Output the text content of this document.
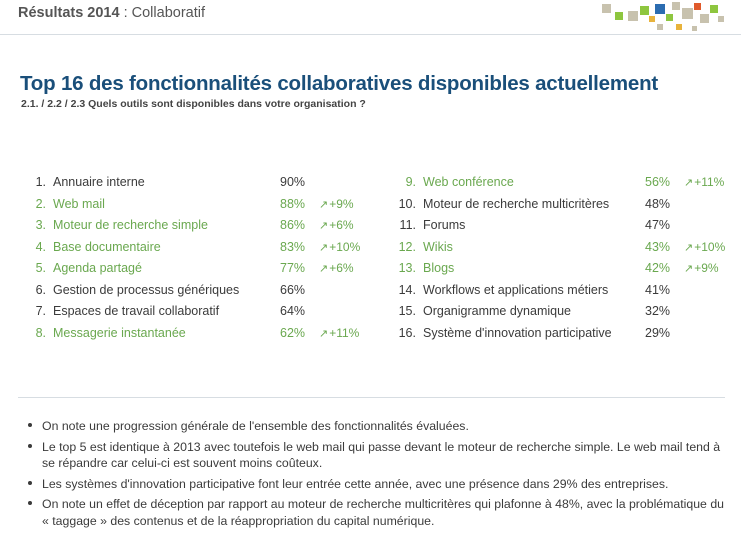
Résultats 2014 : Collaboratif
Top 16 des fonctionnalités collaboratives disponibles actuellement
2.1. / 2.2 / 2.3 Quels outils sont disponibles dans votre organisation ?
1. Annuaire interne	90%
2. Web mail	88% ↗+9%
3. Moteur de recherche simple	86% ↗+6%
4. Base documentaire	83% ↗+10%
5. Agenda partagé	77% ↗+6%
6. Gestion de processus génériques	66%
7. Espaces de travail collaboratif	64%
8. Messagerie instantanée	62% ↗+11%
9. Web conférence	56% ↗+11%
10. Moteur de recherche multicritères	48%
11. Forums	47%
12. Wikis	43% ↗+10%
13. Blogs	42% ↗+9%
14. Workflows et applications métiers	41%
15. Organigramme dynamique	32%
16. Système d'innovation participative	29%
On note une progression générale de l'ensemble des fonctionnalités évaluées.
Le top 5 est identique à 2013 avec toutefois le web mail qui passe devant le moteur de recherche simple. Le web mail tend à se répandre car celui-ci est souvent moins coûteux.
Les systèmes d'innovation participative font leur entrée cette année, avec une présence dans 29% des entreprises.
On note un effet de déception par rapport au moteur de recherche multicritères qui plafonne à 48%, avec la problématique du « taggage » des contenus et de la réappropriation du capital numérique.
